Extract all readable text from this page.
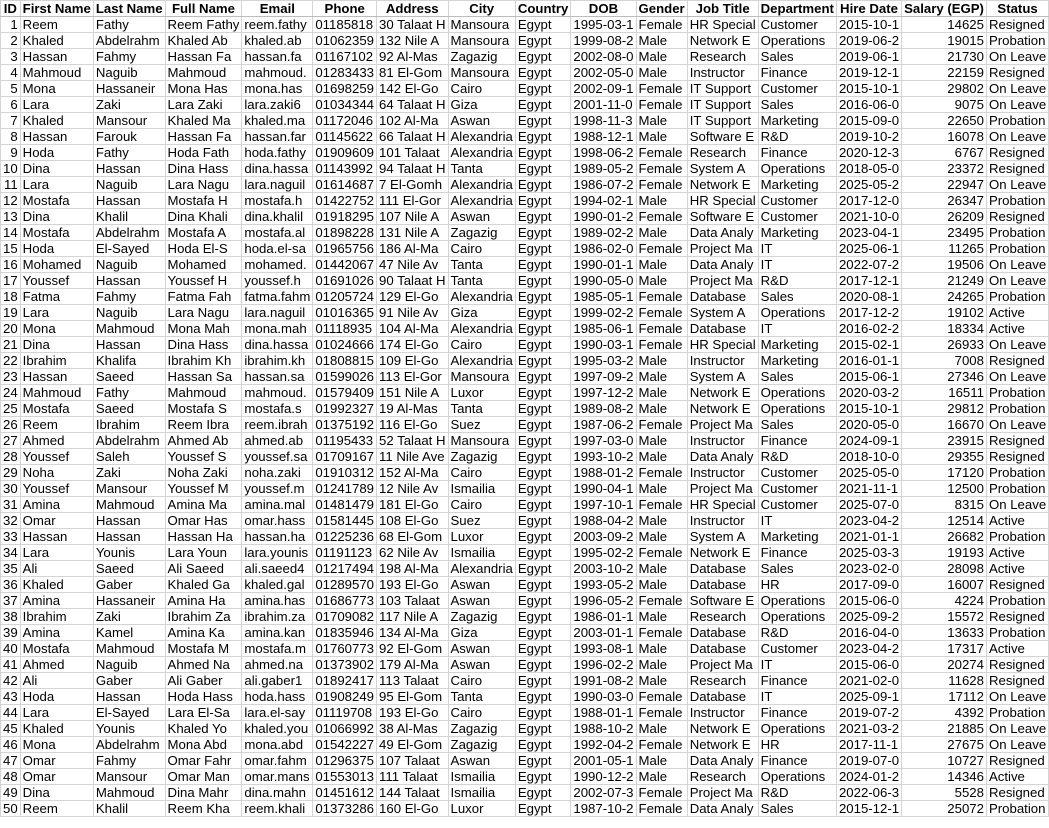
ID	First Name	Last Name	Full Name	Email	Phone	Address	City	Country	DOB	Gender	Job Title	Department	Hire Date	Salary (EGP)	Status
1	Reem	Fathy	Reem Fathy	reem.fathy	01185818	30 Talaat H	Mansoura	Egypt	1995-03-1	Female	HR Special	Customer	2015-10-1	14625	Resigned
2	Khaled	Abdelrahm	Khaled Ab	khaled.ab	01062359	132 Nile A	Mansoura	Egypt	1999-08-2	Male	Network E	Operations	2019-06-2	19015	Probation
3	Hassan	Fahmy	Hassan Fa	hassan.fa	01167102	92 Al-Mas	Zagazig	Egypt	2002-08-0	Male	Research	Sales	2019-06-1	21730	On Leave
4	Mahmoud	Naguib	Mahmoud	mahmoud.	01283433	81 El-Gom	Mansoura	Egypt	2002-05-0	Male	Instructor	Finance	2019-12-1	22159	Resigned
5	Mona	Hassaneir	Mona Has	mona.has	01698259	142 El-Go	Cairo	Egypt	2002-09-1	Female	IT Support	Customer	2015-10-1	29802	On Leave
6	Lara	Zaki	Lara Zaki	lara.zaki6	01034344	64 Talaat H	Giza	Egypt	2001-11-0	Female	IT Support	Sales	2016-06-0	9075	On Leave
7	Khaled	Mansour	Khaled Ma	khaled.ma	01172046	102 Al-Ma	Aswan	Egypt	1998-11-3	Male	IT Support	Marketing	2015-09-0	22650	Probation
8	Hassan	Farouk	Hassan Fa	hassan.far	01145622	66 Talaat H	Alexandria	Egypt	1988-12-1	Male	Software E	R&D	2019-10-2	16078	On Leave
9	Hoda	Fathy	Hoda Fath	hoda.fathy	01909609	101 Talaat	Alexandria	Egypt	1998-06-2	Female	Research	Finance	2020-12-3	6767	Resigned
10	Dina	Hassan	Dina Hass	dina.hassa	01143992	94 Talaat H	Tanta	Egypt	1989-05-2	Female	System A	Operations	2018-05-0	23372	Resigned
11	Lara	Naguib	Lara Nagu	lara.naguil	01614687	7 El-Gomh	Alexandria	Egypt	1986-07-2	Female	Network E	Marketing	2025-05-2	22947	On Leave
12	Mostafa	Hassan	Mostafa H	mostafa.h	01422752	111 El-Gor	Alexandria	Egypt	1994-02-1	Male	HR Special	Customer	2017-12-0	26347	Probation
13	Dina	Khalil	Dina Khali	dina.khalil	01918295	107 Nile A	Aswan	Egypt	1990-01-2	Female	Software E	Customer	2021-10-0	26209	Resigned
14	Mostafa	Abdelrahm	Mostafa A	mostafa.al	01898228	131 Nile A	Zagazig	Egypt	1989-02-2	Male	Data Analy	Marketing	2023-04-1	23495	Probation
15	Hoda	El-Sayed	Hoda El-S	hoda.el-sa	01965756	186 Al-Ma	Cairo	Egypt	1986-02-0	Female	Project Ma	IT	2025-06-1	11265	Probation
16	Mohamed	Naguib	Mohamed	mohamed.	01442067	47 Nile Av	Tanta	Egypt	1990-01-1	Male	Data Analy	IT	2022-07-2	19506	On Leave
17	Youssef	Hassan	Youssef H	youssef.h	01691026	90 Talaat H	Tanta	Egypt	1990-05-0	Male	Project Ma	R&D	2017-12-1	21249	On Leave
18	Fatma	Fahmy	Fatma Fah	fatma.fahm	01205724	129 El-Go	Alexandria	Egypt	1985-05-1	Female	Database	Sales	2020-08-1	24265	Probation
19	Lara	Naguib	Lara Nagu	lara.naguil	01016365	91 Nile Av	Giza	Egypt	1999-02-2	Female	System A	Operations	2017-12-2	19102	Active
20	Mona	Mahmoud	Mona Mah	mona.mah	01118935	104 Al-Ma	Alexandria	Egypt	1985-06-1	Female	Database	IT	2016-02-2	18334	Active
21	Dina	Hassan	Dina Hass	dina.hassa	01024666	174 El-Go	Cairo	Egypt	1990-03-1	Female	HR Special	Marketing	2015-02-1	26933	On Leave
22	Ibrahim	Khalifa	Ibrahim Kh	ibrahim.kh	01808815	109 El-Go	Alexandria	Egypt	1995-03-2	Male	Instructor	Marketing	2016-01-1	7008	Resigned
23	Hassan	Saeed	Hassan Sa	hassan.sa	01599026	113 El-Gor	Mansoura	Egypt	1997-09-2	Male	System A	Sales	2015-06-1	27346	On Leave
24	Mahmoud	Fathy	Mahmoud	mahmoud.	01579409	151 Nile A	Luxor	Egypt	1997-12-2	Male	Network E	Operations	2020-03-2	16511	Probation
25	Mostafa	Saeed	Mostafa S	mostafa.s	01992327	19 Al-Mas	Tanta	Egypt	1989-08-2	Male	Network E	Operations	2015-10-1	29812	Probation
26	Reem	Ibrahim	Reem Ibra	reem.ibrah	01375192	116 El-Go	Suez	Egypt	1987-06-2	Female	Project Ma	Sales	2020-05-0	16670	On Leave
27	Ahmed	Abdelrahm	Ahmed Ab	ahmed.ab	01195433	52 Talaat H	Mansoura	Egypt	1997-03-0	Male	Instructor	Finance	2024-09-1	23915	Resigned
28	Youssef	Saleh	Youssef S	youssef.sa	01709167	11 Nile Ave	Zagazig	Egypt	1993-10-2	Male	Data Analy	R&D	2018-10-0	29355	Resigned
29	Noha	Zaki	Noha Zaki	noha.zaki	01910312	152 Al-Ma	Cairo	Egypt	1988-01-2	Female	Instructor	Customer	2025-05-0	17120	Probation
30	Youssef	Mansour	Youssef M	youssef.m	01241789	12 Nile Av	Ismailia	Egypt	1990-04-1	Male	Project Ma	Customer	2021-11-1	12500	Probation
31	Amina	Mahmoud	Amina Ma	amina.mal	01481479	181 El-Go	Cairo	Egypt	1997-10-1	Female	HR Special	Customer	2025-07-0	8315	On Leave
32	Omar	Hassan	Omar Has	omar.hass	01581445	108 El-Go	Suez	Egypt	1988-04-2	Male	Instructor	IT	2023-04-2	12514	Active
33	Hassan	Hassan	Hassan Ha	hassan.ha	01225236	68 El-Gom	Luxor	Egypt	2003-09-2	Male	System A	Marketing	2021-01-1	26682	Probation
34	Lara	Younis	Lara Youn	lara.younis	01191123	62 Nile Av	Ismailia	Egypt	1995-02-2	Female	Network E	Finance	2025-03-3	19193	Active
35	Ali	Saeed	Ali Saeed	ali.saeed4	01217494	198 Al-Ma	Alexandria	Egypt	2003-10-2	Male	Database	Sales	2023-02-0	28098	Active
36	Khaled	Gaber	Khaled Ga	khaled.gal	01289570	193 El-Go	Aswan	Egypt	1993-05-2	Male	Database	HR	2017-09-0	16007	Resigned
37	Amina	Hassaneir	Amina Ha	amina.has	01686773	103 Talaat	Aswan	Egypt	1996-05-2	Female	Software E	Operations	2015-06-0	4224	Probation
38	Ibrahim	Zaki	Ibrahim Za	ibrahim.za	01709082	117 Nile A	Zagazig	Egypt	1986-01-1	Male	Research	Operations	2025-09-2	15572	Resigned
39	Amina	Kamel	Amina Ka	amina.kan	01835946	134 Al-Ma	Giza	Egypt	2003-01-1	Female	Database	R&D	2016-04-0	13633	Probation
40	Mostafa	Mahmoud	Mostafa M	mostafa.m	01760773	92 El-Gom	Aswan	Egypt	1993-08-1	Male	Database	Customer	2023-04-2	17317	Active
41	Ahmed	Naguib	Ahmed Na	ahmed.na	01373902	179 Al-Ma	Aswan	Egypt	1996-02-2	Male	Project Ma	IT	2015-06-0	20274	Resigned
42	Ali	Gaber	Ali Gaber	ali.gaber1	01892417	113 Talaat	Cairo	Egypt	1991-08-2	Male	Research	Finance	2021-02-0	11628	Resigned
43	Hoda	Hassan	Hoda Hass	hoda.hass	01908249	95 El-Gom	Tanta	Egypt	1990-03-0	Female	Database	IT	2025-09-1	17112	On Leave
44	Lara	El-Sayed	Lara El-Sa	lara.el-say	01119708	193 El-Go	Cairo	Egypt	1988-01-1	Female	Instructor	Finance	2019-07-2	4392	Probation
45	Khaled	Younis	Khaled Yo	khaled.you	01066992	38 Al-Mas	Zagazig	Egypt	1988-10-2	Male	Network E	Operations	2021-03-2	21885	On Leave
46	Mona	Abdelrahm	Mona Abd	mona.abd	01542227	49 El-Gom	Zagazig	Egypt	1992-04-2	Female	Network E	HR	2017-11-1	27675	On Leave
47	Omar	Fahmy	Omar Fahr	omar.fahm	01296375	107 Talaat	Aswan	Egypt	2001-05-1	Male	Data Analy	Finance	2019-07-0	10727	Resigned
48	Omar	Mansour	Omar Man	omar.mans	01553013	111 Talaat	Ismailia	Egypt	1990-12-2	Male	Research	Operations	2024-01-2	14346	Active
49	Dina	Mahmoud	Dina Mahr	dina.mahn	01451612	144 Talaat	Ismailia	Egypt	2002-07-3	Female	Project Ma	R&D	2022-06-3	5528	Resigned
50	Reem	Khalil	Reem Kha	reem.khali	01373286	160 El-Go	Luxor	Egypt	1987-10-2	Female	Data Analy	Sales	2015-12-1	25072	Probation
